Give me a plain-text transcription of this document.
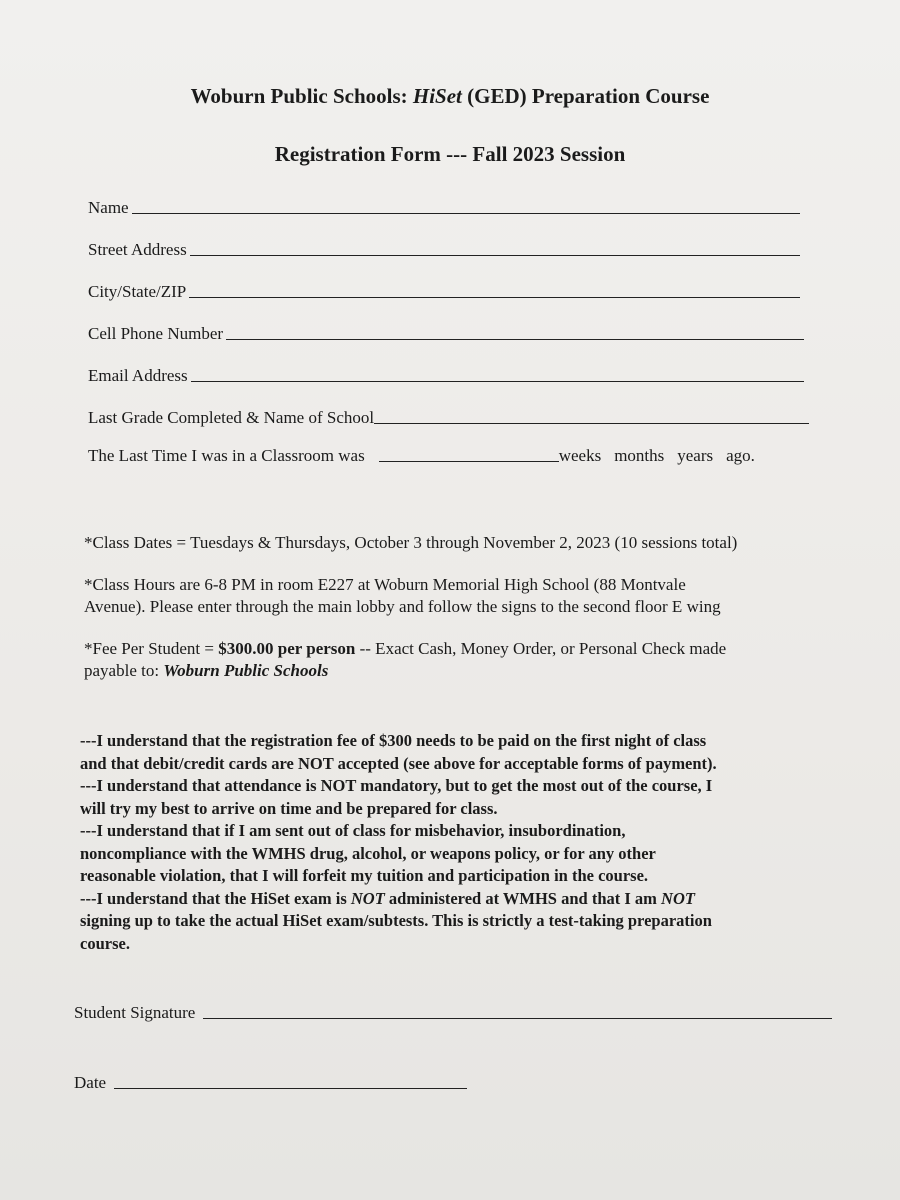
Woburn Public Schools: HiSet (GED) Preparation Course
Registration Form --- Fall 2023 Session
Name
Street Address
City/State/ZIP
Cell Phone Number
Email Address
Last Grade Completed & Name of School
The Last Time I was in a Classroom was	weeks months years ago.
*Class Dates = Tuesdays & Thursdays, October 3 through November 2, 2023 (10 sessions total)
*Class Hours are 6-8 PM in room E227 at Woburn Memorial High School (88 Montvale
Avenue). Please enter through the main lobby and follow the signs to the second floor E wing
*Fee Per Student = $300.00 per person -- Exact Cash, Money Order, or Personal Check made
payable to: Woburn Public Schools

---I understand that the registration fee of $300 needs to be paid on the first night of class
and that debit/credit cards are NOT accepted (see above for acceptable forms of payment).

---I understand that attendance is NOT mandatory, but to get the most out of the course, I
will try my best to arrive on time and be prepared for class.

---I understand that if I am sent out of class for misbehavior, insubordination,
noncompliance with the WMHS drug, alcohol, or weapons policy, or for any other
reasonable violation, that I will forfeit my tuition and participation in the course.

---I understand that the HiSet exam is NOT administered at WMHS and that I am NOT
signing up to take the actual HiSet exam/subtests. This is strictly a test-taking preparation
course.

Student Signature
Date
